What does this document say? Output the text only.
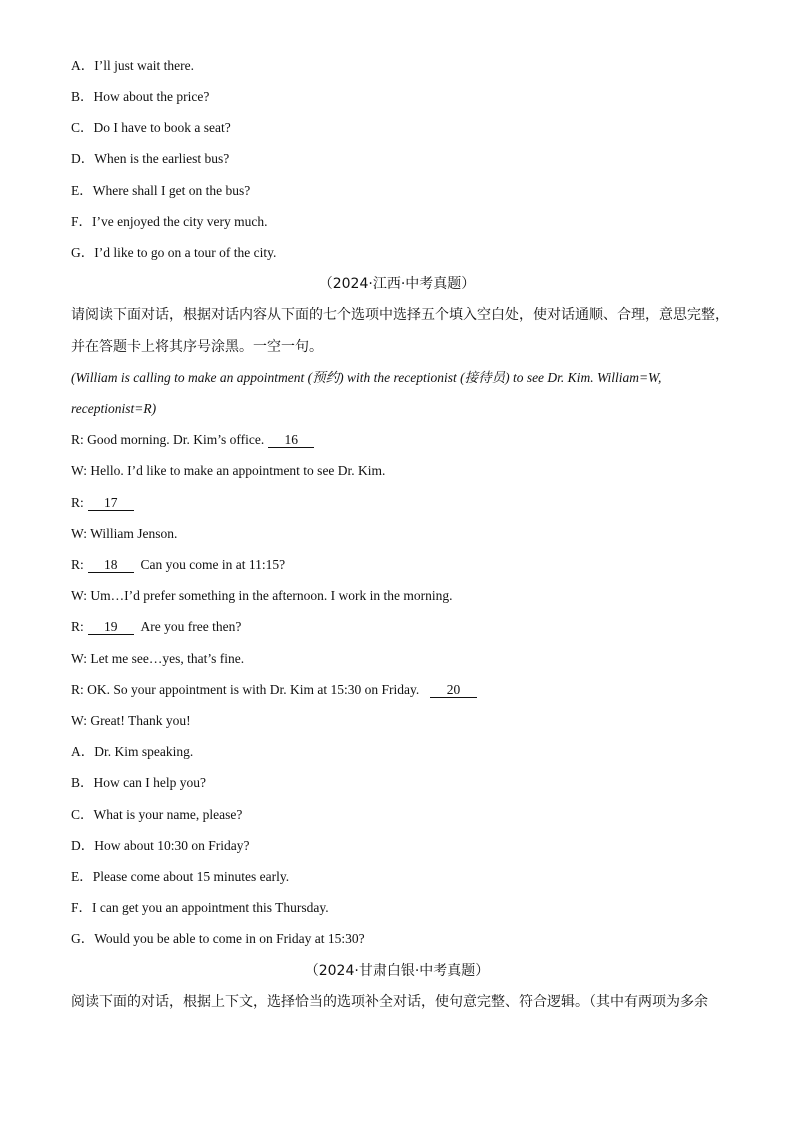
A．I’ll just wait there.
B．How about the price?
C．Do I have to book a seat?
D．When is the earliest bus?
E．Where shall I get on the bus?
F．I’ve enjoyed the city very much.
G．I’d like to go on a tour of the city.
（2024·江西·中考真题）
请阅读下面对话，根据对话内容从下面的七个选项中选择五个填入空白处，使对话通顺、合理，意思完整，
并在答题卡上将其序号涂黑。一空一句。
(William is calling to make an appointment (预约) with the receptionist (接待员) to see Dr. Kim. William=W,
receptionist=R)
R: Good morning. Dr. Kim’s office. 16
W: Hello. I’d like to make an appointment to see Dr. Kim.
R: 17
W: William Jenson.
R: 18 Can you come in at 11:15?
W: Um…I’d prefer something in the afternoon. I work in the morning.
R: 19 Are you free then?
W: Let me see…yes, that’s fine.
R: OK. So your appointment is with Dr. Kim at 15:30 on Friday. 20
W: Great! Thank you!
A．Dr. Kim speaking.
B．How can I help you?
C．What is your name, please?
D．How about 10:30 on Friday?
E．Please come about 15 minutes early.
F．I can get you an appointment this Thursday.
G．Would you be able to come in on Friday at 15:30?
（2024·甘肃白银·中考真题）
阅读下面的对话，根据上下文，选择恰当的选项补全对话，使句意完整、符合逻辑。（其中有两项为多余
